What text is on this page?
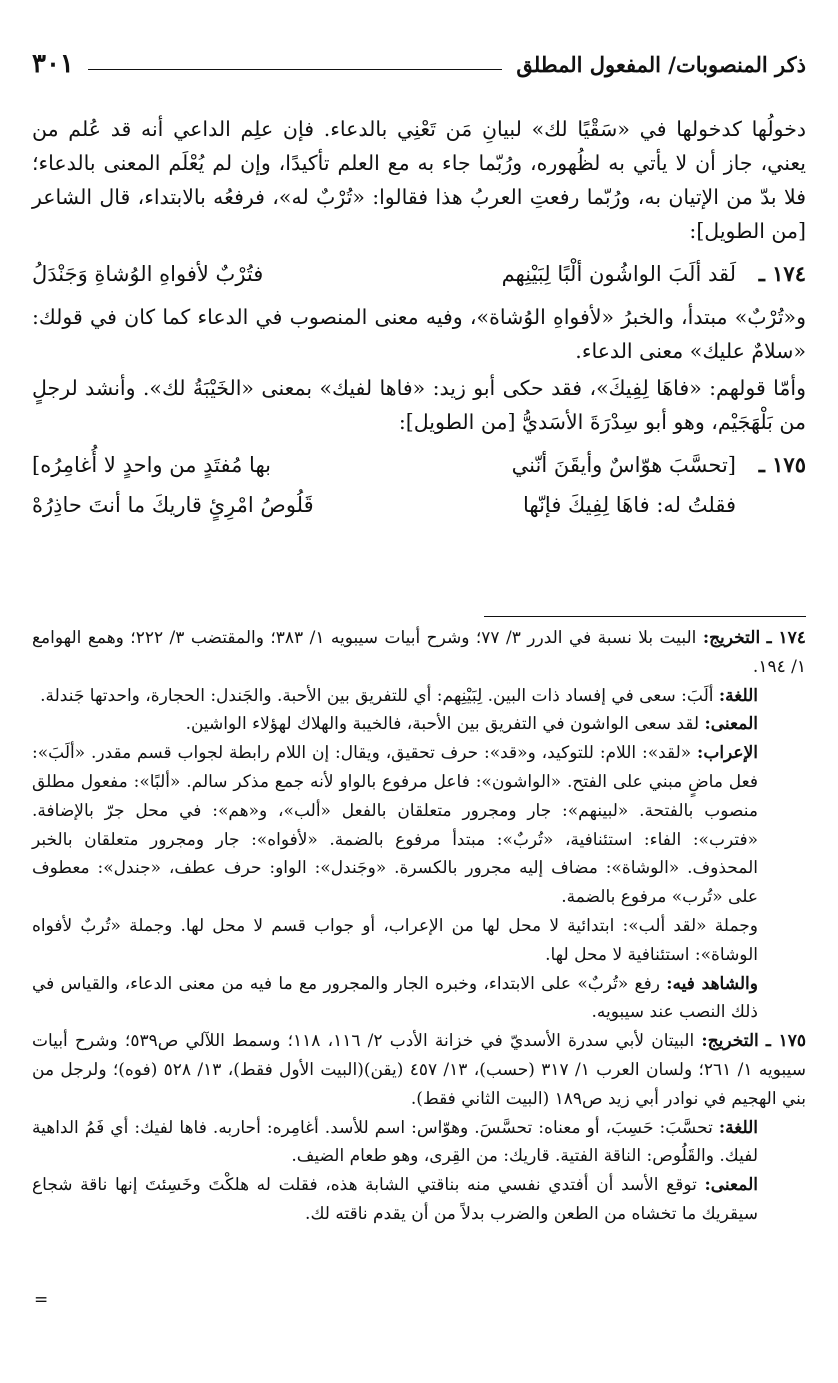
ذكر المنصوبات/ المفعول المطلق
٣٠١

دخولُها كدخولها في «سَقْيًا لك» لبيانِ مَن تَعْنِي بالدعاء. فإن علِم الداعي أنه قد عُلم من يعني، جاز أن لا يأتي به لظُهوره، ورُبّما جاء به مع العلم تأكيدًا، وإن لم يُعْلَم المعنى بالدعاء؛ فلا بدّ من الإتيان به، ورُبّما رفعتِ العربُ هذا فقالوا: «تُرْبٌ له»، فرفعُه بالابتداء، قال الشاعر [من الطويل]:

١٧٤ ـ
لَقد ألَبَ الواشُون ألْبًا لِبَيْنِهم
فتُرْبٌ لأفواهِ الوُشاةِ وَجَنْدَلُ

و«تُرْبٌ» مبتدأ، والخبرُ «لأفواهِ الوُشاة»، وفيه معنى المنصوب في الدعاء كما كان في قولك: «سلامٌ عليك» معنى الدعاء.

وأمّا قولهم: «فاهَا لِفِيكَ»، فقد حكى أبو زيد: «فاها لفيك» بمعنى «الخَيْبَةُ لك». وأنشد لرجلٍ من بَلْهَجَيْم، وهو أبو سِدْرَةَ الأسَديُّ [من الطويل]:

١٧٥ ـ
[تحسَّبَ هوّاسٌ وأيقَنَ أنّني
بها مُفتَدٍ من واحدٍ لا أُغامِرُه]
فقلتُ له: فاهَا لِفِيكَ فإنّها
قَلُوصُ امْرِئٍ قاريكَ ما أنتَ حاذِرُهْ

١٧٤ ـ التخريج: البيت بلا نسبة في الدرر ٣/ ٧٧؛ وشرح أبيات سيبويه ١/ ٣٨٣؛ والمقتضب ٣/ ٢٢٢؛ وهمع الهوامع ١/ ١٩٤.

اللغة: ألَبَ: سعى في إفساد ذات البين. لِبَيْنِهم: أي للتفريق بين الأحبة. والجَندل: الحجارة، واحدتها جَندلة.

المعنى: لقد سعى الواشون في التفريق بين الأحبة، فالخيبة والهلاك لهؤلاء الواشين.

الإعراب: «لقد»: اللام: للتوكيد، و«قد»: حرف تحقيق، ويقال: إن اللام رابطة لجواب قسم مقدر. «ألَبَ»: فعل ماضٍ مبني على الفتح. «الواشون»: فاعل مرفوع بالواو لأنه جمع مذكر سالم. «ألبًا»: مفعول مطلق منصوب بالفتحة. «لبينهم»: جار ومجرور متعلقان بالفعل «ألب»، و«هم»: في محل جرّ بالإضافة. «فترب»: الفاء: استئنافية، «تُربٌ»: مبتدأ مرفوع بالضمة. «لأفواه»: جار ومجرور متعلقان بالخبر المحذوف. «الوشاة»: مضاف إليه مجرور بالكسرة. «وجَندل»: الواو: حرف عطف، «جندل»: معطوف على «تُرب» مرفوع بالضمة.

وجملة «لقد ألب»: ابتدائية لا محل لها من الإعراب، أو جواب قسم لا محل لها. وجملة «تُربٌ لأفواه الوشاة»: استئنافية لا محل لها.

والشاهد فيه: رفع «تُربٌ» على الابتداء، وخبره الجار والمجرور مع ما فيه من معنى الدعاء، والقياس في ذلك النصب عند سيبويه.

١٧٥ ـ التخريج: البيتان لأبي سدرة الأسديّ في خزانة الأدب ٢/ ١١٦، ١١٨؛ وسمط اللآلي ص٥٣٩؛ وشرح أبيات سيبويه ١/ ٢٦١؛ ولسان العرب ١/ ٣١٧ (حسب)، ١٣/ ٤٥٧ (يقن)(البيت الأول فقط)، ١٣/ ٥٢٨ (فوه)؛ ولرجل من بني الهجيم في نوادر أبي زيد ص١٨٩ (البيت الثاني فقط).

اللغة: تحسَّبَ: حَسِبَ، أو معناه: تحسَّسَ. وهوّاس: اسم للأسد. أغامِره: أحاربه. فاها لفيك: أي فَمُ الداهية لفيك. والقَلُوص: الناقة الفتية. قاريك: من القِرى، وهو طعام الضيف.

المعنى: توقع الأسد أن أفتدي نفسي منه بناقتي الشابة هذه، فقلت له هلكْتَ وخَسِئتَ إنها ناقة شجاع سيقريك ما تخشاه من الطعن والضرب بدلاً من أن يقدم ناقته لك.

=
